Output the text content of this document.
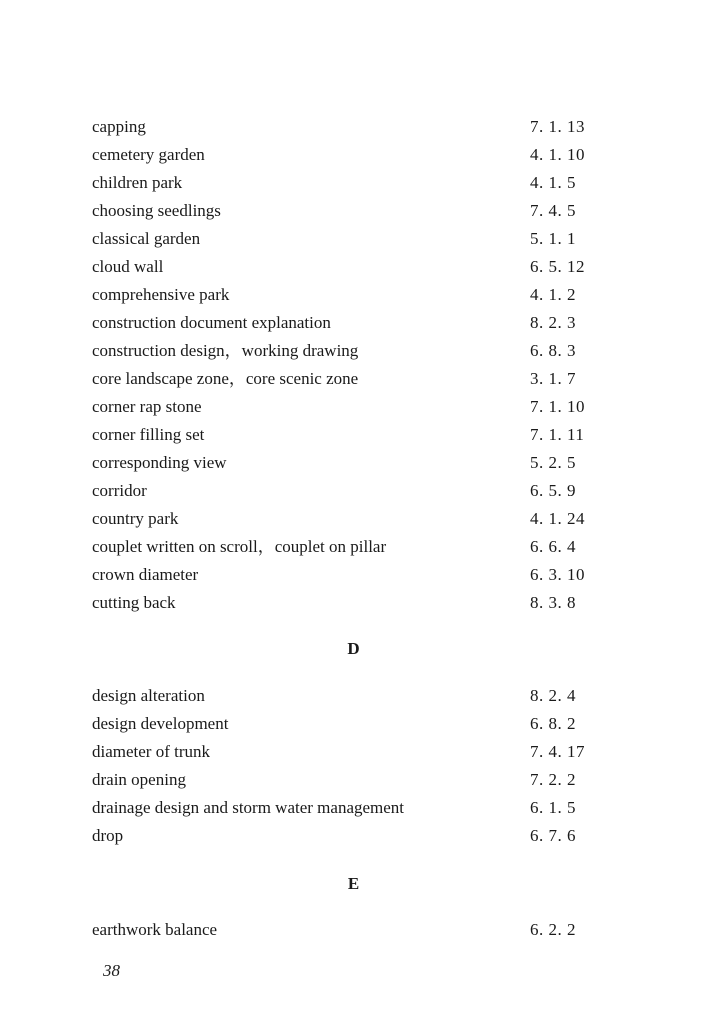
capping	7. 1. 13
cemetery garden	4. 1. 10
children park	4. 1. 5
choosing seedlings	7. 4. 5
classical garden	5. 1. 1
cloud wall	6. 5. 12
comprehensive park	4. 1. 2
construction document explanation	8. 2. 3
construction design，working drawing	6. 8. 3
core landscape zone，core scenic zone	3. 1. 7
corner rap stone	7. 1. 10
corner filling set	7. 1. 11
corresponding view	5. 2. 5
corridor	6. 5. 9
country park	4. 1. 24
couplet written on scroll，couplet on pillar	6. 6. 4
crown diameter	6. 3. 10
cutting back	8. 3. 8
D
design alteration	8. 2. 4
design development	6. 8. 2
diameter of trunk	7. 4. 17
drain opening	7. 2. 2
drainage design and storm water management	6. 1. 5
drop	6. 7. 6
E
earthwork balance	6. 2. 2
38
